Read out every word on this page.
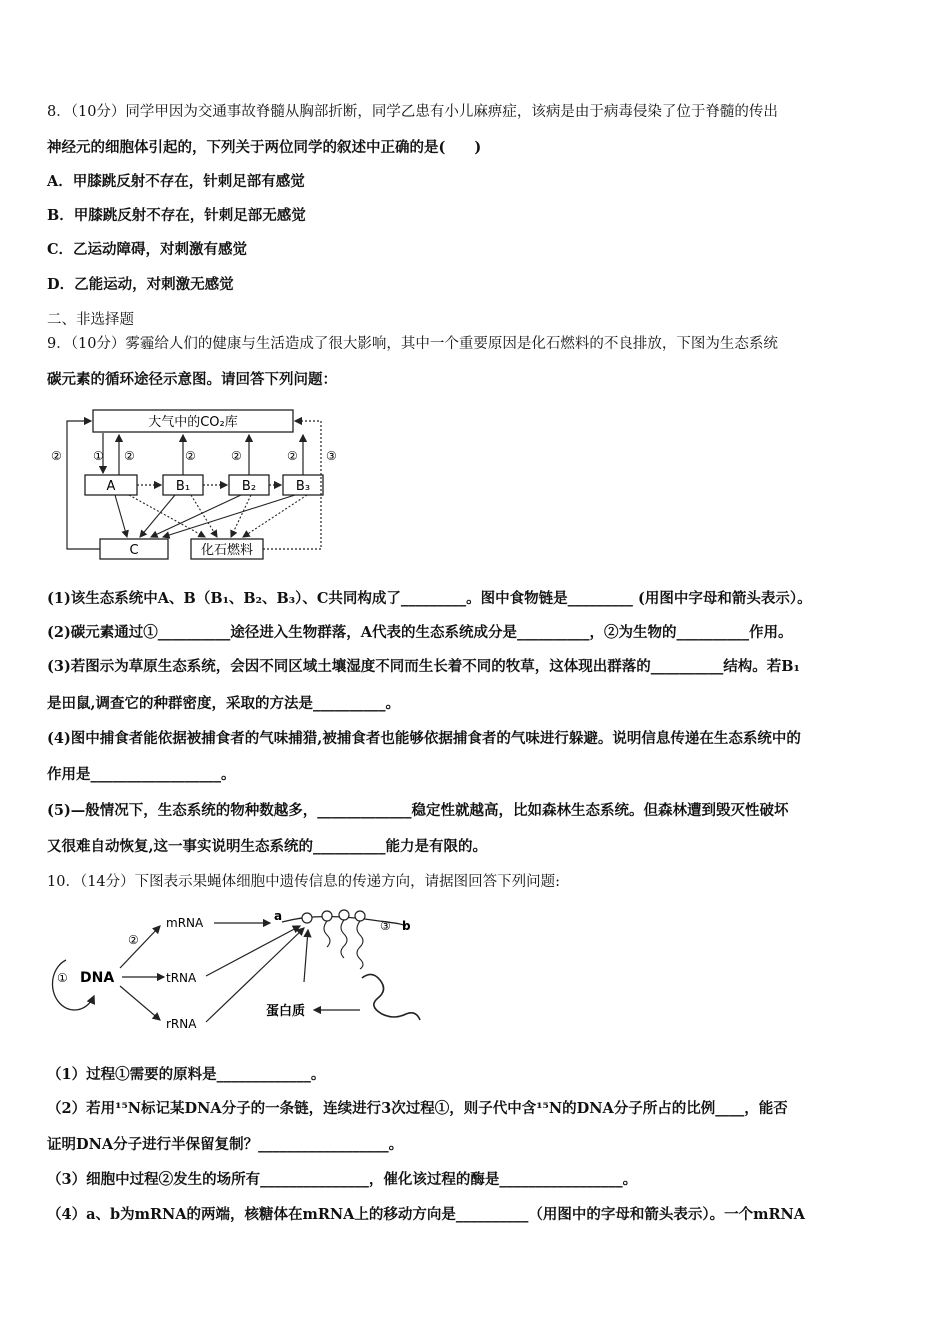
8．（10分）同学甲因为交通事故脊髓从胸部折断，同学乙患有小儿麻痹症，该病是由于病毒侵染了位于脊髓的传出
神经元的细胞体引起的，下列关于两位同学的叙述中正确的是(　　)
A．甲膝跳反射不存在，针刺足部有感觉
B．甲膝跳反射不存在，针刺足部无感觉
C．乙运动障碍，对刺激有感觉
D．乙能运动，对刺激无感觉
二、非选择题
9．（10分）雾霾给人们的健康与生活造成了很大影响，其中一个重要原因是化石燃料的不良排放，下图为生态系统
碳元素的循环途径示意图。请回答下列问题：
大气中的CO₂库
A	B₁	B₂	B₃
C	化石燃料
① ②	②	②	②
②	③
(1)该生态系统中A、B（B₁、B₂、B₃）、C共同构成了_________。图中食物链是_________ (用图中字母和箭头表示）。
(2)碳元素通过①__________途径进入生物群落，A代表的生态系统成分是__________，②为生物的__________作用。
(3)若图示为草原生态系统，会因不同区域土壤湿度不同而生长着不同的牧草，这体现出群落的__________结构。若B₁
是田鼠,调查它的种群密度，采取的方法是__________。
(4)图中捕食者能依据被捕食者的气味捕猎,被捕食者也能够依据捕食者的气味进行躲避。说明信息传递在生态系统中的
作用是__________________。
(5)—般情况下，生态系统的物种数越多，_____________稳定性就越高，比如森林生态系统。但森林遭到毁灭性破坏
又很难自动恢复,这一事实说明生态系统的__________能力是有限的。
10．（14分）下图表示果蝇体细胞中遗传信息的传递方向，请据图回答下列问题:
① DNA
②
mRNA
tRNA
rRNA
a
③ b
蛋白质
（1）过程①需要的原料是_____________。
（2）若用¹⁵N标记某DNA分子的一条链，连续进行3次过程①，则子代中含¹⁵N的DNA分子所占的比例____，能否
证明DNA分子进行半保留复制？__________________。
（3）细胞中过程②发生的场所有_______________，催化该过程的酶是_________________。
（4）a、b为mRNA的两端，核糖体在mRNA上的移动方向是__________（用图中的字母和箭头表示）。一个mRNA
